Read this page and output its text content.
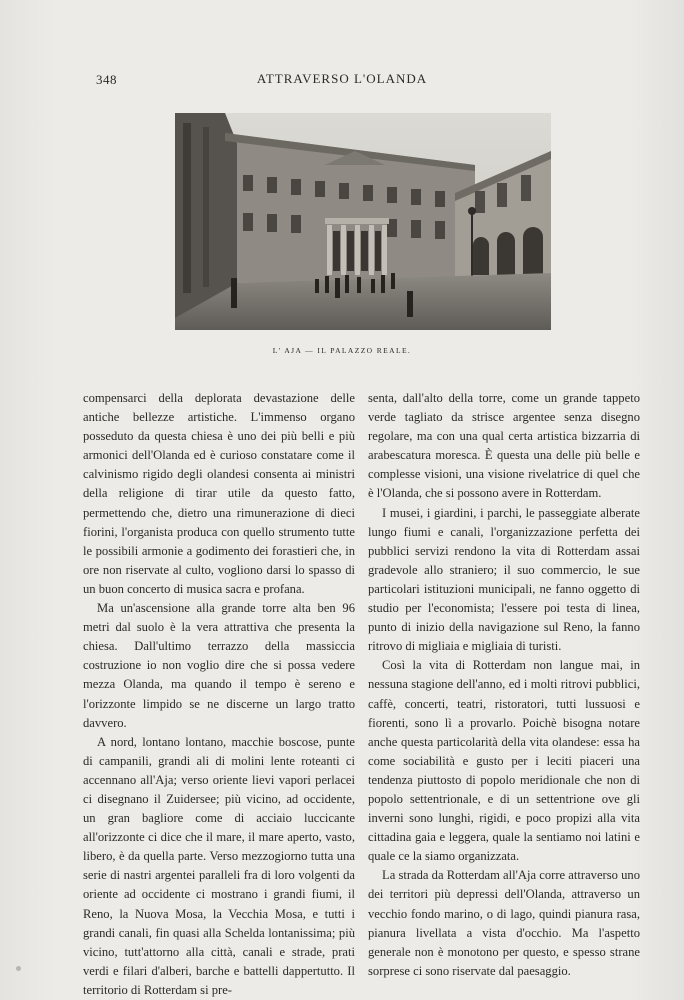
348	ATTRAVERSO L'OLANDA
L' AJA — IL PALAZZO REALE.

compensarci della deplorata devastazione delle antiche bellezze artistiche. L'immenso organo posseduto da questa chiesa è uno dei più belli e più armonici dell'Olanda ed è curioso constatare come il calvinismo rigido degli olandesi consenta ai ministri della religione di tirar utile da questo fatto, permettendo che, dietro una rimunerazione di dieci fiorini, l'organista produca con quello strumento tutte le possibili armonie a godimento dei forastieri che, in ore non riservate al culto, vogliono darsi lo spasso di un buon concerto di musica sacra e profana.

Ma un'ascensione alla grande torre alta ben 96 metri dal suolo è la vera attrattiva che presenta la chiesa. Dall'ultimo terrazzo della massiccia costruzione io non voglio dire che si possa vedere mezza Olanda, ma quando il tempo è sereno e l'orizzonte limpido se ne discerne un largo tratto davvero.

A nord, lontano lontano, macchie boscose, punte di campanili, grandi ali di molini lente roteanti ci accennano all'Aja; verso oriente lievi vapori perlacei ci disegnano il Zuidersee; più vicino, ad occidente, un gran bagliore come di acciaio luccicante all'orizzonte ci dice che il mare, il mare aperto, vasto, libero, è da quella parte. Verso mezzogiorno tutta una serie di nastri argentei paralleli fra di loro volgenti da oriente ad occidente ci mostrano i grandi fiumi, il Reno, la Nuova Mosa, la Vecchia Mosa, e tutti i grandi canali, fin quasi alla Schelda lontanissima; più vicino, tutt'attorno alla città, canali e strade, prati verdi e filari d'alberi, barche e battelli dappertutto. Il territorio di Rotterdam si pre-

senta, dall'alto della torre, come un grande tappeto verde tagliato da strisce argentee senza disegno regolare, ma con una qual certa artistica bizzarria di arabescatura moresca. È questa una delle più belle e complesse visioni, una visione rivelatrice di quel che è l'Olanda, che si possono avere in Rotterdam.

I musei, i giardini, i parchi, le passeggiate alberate lungo fiumi e canali, l'organizzazione perfetta dei pubblici servizi rendono la vita di Rotterdam assai gradevole allo straniero; il suo commercio, le sue particolari istituzioni municipali, ne fanno oggetto di studio per l'economista; l'essere poi testa di linea, punto di inizio della navigazione sul Reno, la fanno ritrovo di migliaia e migliaia di turisti.

Così la vita di Rotterdam non langue mai, in nessuna stagione dell'anno, ed i molti ritrovi pubblici, caffè, concerti, teatri, ristoratori, tutti lussuosi e fiorenti, sono lì a provarlo. Poichè bisogna notare anche questa particolarità della vita olandese: essa ha come sociabilità e gusto per i leciti piaceri una tendenza piuttosto di popolo meridionale che non di popolo settentrionale, e di un settentrione ove gli inverni sono lunghi, rigidi, e poco propizi alla vita cittadina gaia e leggera, quale la sentiamo noi latini e quale ce la siamo organizzata.

La strada da Rotterdam all'Aja corre attraverso uno dei territori più depressi dell'Olanda, attraverso un vecchio fondo marino, o di lago, quindi pianura rasa, pianura livellata a vista d'occhio. Ma l'aspetto generale non è monotono per questo, e spesso strane sorprese ci sono riservate dal paesaggio.
